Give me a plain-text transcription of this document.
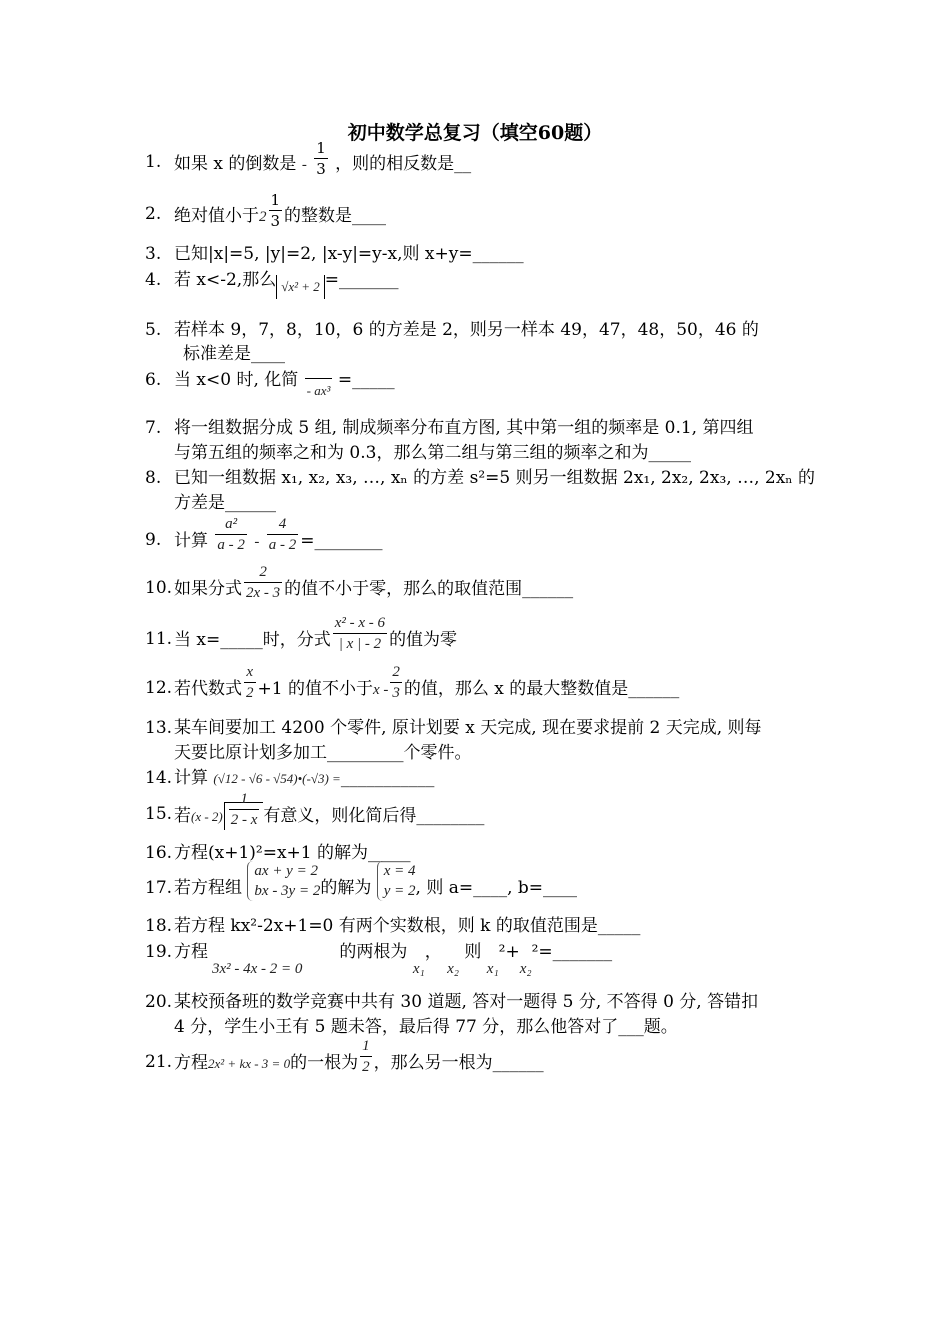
初中数学总复习（填空60题）
1. 如果 x 的倒数是 - $\frac{1}{3}$ ，则的相反数是__
2. 绝对值小于$2 \frac{1}{3}$ 的整数是____
3. 已知|x|=5, |y|=2, |x-y|=y-x,则 x+y=______
4. 若 x<-2,那么 √x² + 2 =_______
5. 若样本 9，7，8，10，6 的方差是 2，则另一样本 49，47，48，50，46 的
标准差是____
6. 当 x<0 时, 化简 - ax³ =_____
7. 将一组数据分成 5 组, 制成频率分布直方图, 其中第一组的频率是 0.1, 第四组
与第五组的频率之和为 0.3，那么第二组与第三组的频率之和为_____
8. 已知一组数据 x₁, x₂, x₃, …, xₙ 的方差 s²=5 则另一组数据 2x₁, 2x₂, 2x₃, …, 2xₙ 的
方差是______
9. 计算 $\frac{\text{a²}}{a - 2} - \frac{4}{a - 2}$ =________
10. 如果分式 $\frac{2}{2x - 3}$ 的值不小于零，那么的取值范围______
11. 当 x=_____时，分式 $\frac{\text{x² - x - 6}}{| x | - 2}$ 的值为零
12. 若代数式 $\frac{x}{2} +1$ 的值不小于x - $\frac{2}{3}$ 的值，那么 x 的最大整数值是______
13. 某车间要加工 4200 个零件, 原计划要 x 天完成, 现在要求提前 2 天完成, 则每
天要比原计划多加工_________个零件。
14. 计算 (√12 - √6 - √54)•(-√3) =___________
15. 若$(x - 2) \frac{1}{2 - x}$ 有意义，则化简后得________
16. 方程(x+1)²=x+1 的解为_____
17. 若方程组
ax + y = 2
bx - 3y = 2 的解为
x = 4
y = 2 , 则 a=____, b=____
18. 若方程 kx²-2x+1=0 有两个实数根，则 k 的取值范围是_____
19. 方程
3x² - 4x - 2 = 0
的两根为 x₁， x₂ 则 x₁²+x₂²=_______
20. 某校预备班的数学竞赛中共有 30 道题, 答对一题得 5 分, 不答得 0 分, 答错扣
4 分，学生小王有 5 题未答，最后得 77 分，那么他答对了___题。
21. 方程2x² + kx - 3 = 0的一根为 $\frac{1}{2}$ ，那么另一根为______
